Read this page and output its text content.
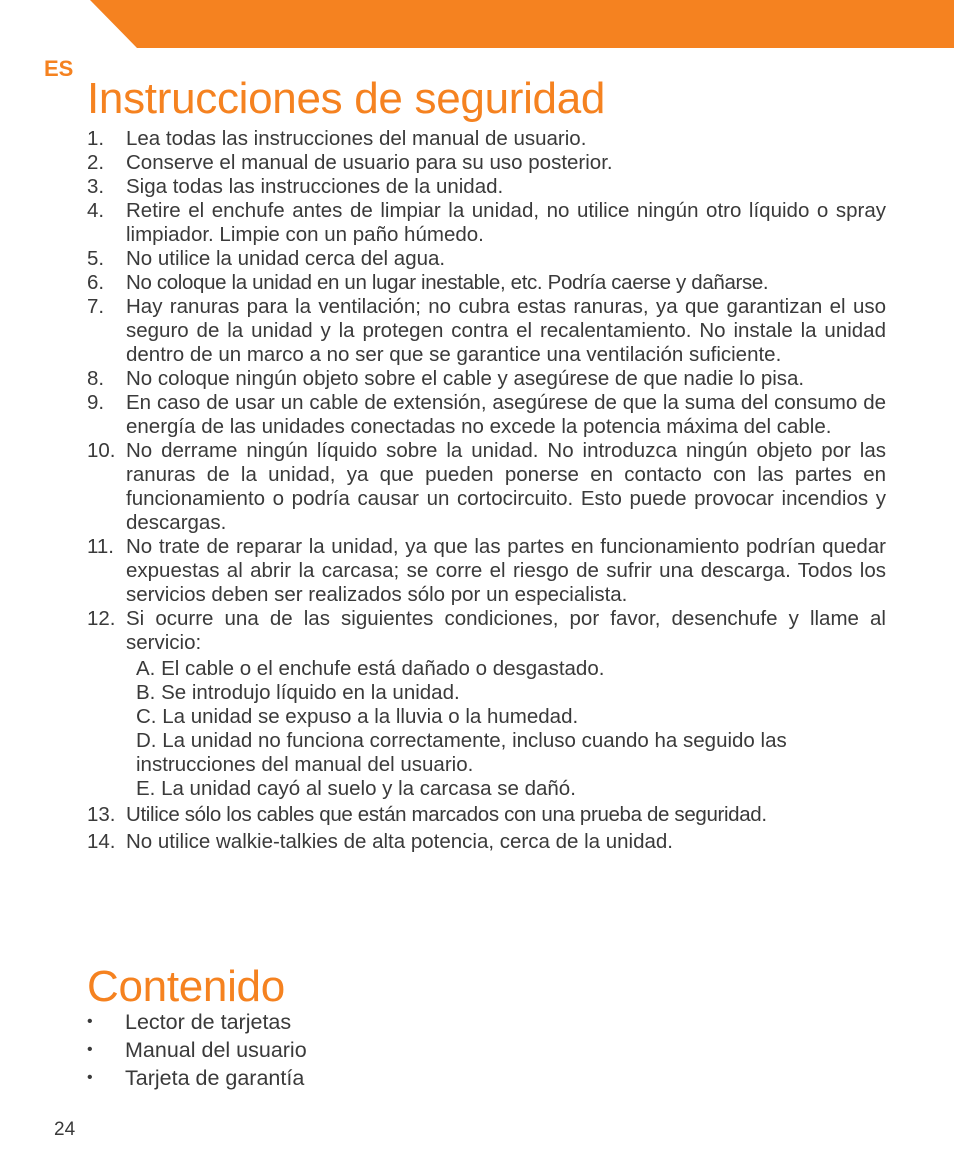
ES
Instrucciones de seguridad
1. Lea todas las instrucciones del manual de usuario.
2. Conserve el manual de usuario para su uso posterior.
3. Siga todas las instrucciones de la unidad.
4. Retire el enchufe antes de limpiar la unidad, no utilice ningún otro líquido o spray limpiador. Limpie con un paño húmedo.
5. No utilice la unidad cerca del agua.
6. No coloque la unidad en un lugar inestable, etc. Podría caerse y dañarse.
7. Hay ranuras para la ventilación; no cubra estas ranuras, ya que garantizan el uso seguro de la unidad y la protegen contra el recalentamiento. No instale la unidad dentro de un marco a no ser que se garantice una ventilación suficiente.
8. No coloque ningún objeto sobre el cable y asegúrese de que nadie lo pisa.
9. En caso de usar un cable de extensión, asegúrese de que la suma del consumo de energía de las unidades conectadas no excede la potencia máxima del cable.
10. No derrame ningún líquido sobre la unidad. No introduzca ningún objeto por las ranuras de la unidad, ya que pueden ponerse en contacto con las partes en funcionamiento o podría causar un cortocircuito. Esto puede provocar incendios y descargas.
11. No trate de reparar la unidad, ya que las partes en funcionamiento podrían quedar expuestas al abrir la carcasa; se corre el riesgo de sufrir una descarga. Todos los servicios deben ser realizados sólo por un especialista.
12. Si ocurre una de las siguientes condiciones, por favor, desenchufe y llame al servicio:
A. El cable o el enchufe está dañado o desgastado.
B. Se introdujo líquido en la unidad.
C. La unidad se expuso a la lluvia o la humedad.
D. La unidad no funciona correctamente, incluso cuando ha seguido las instrucciones del manual del usuario.
E. La unidad cayó al suelo y la carcasa se dañó.
13. Utilice sólo los cables que están marcados con una prueba de seguridad.
14. No utilice walkie-talkies de alta potencia, cerca de la unidad.
Contenido
• Lector de tarjetas
• Manual del usuario
• Tarjeta de garantía
24
